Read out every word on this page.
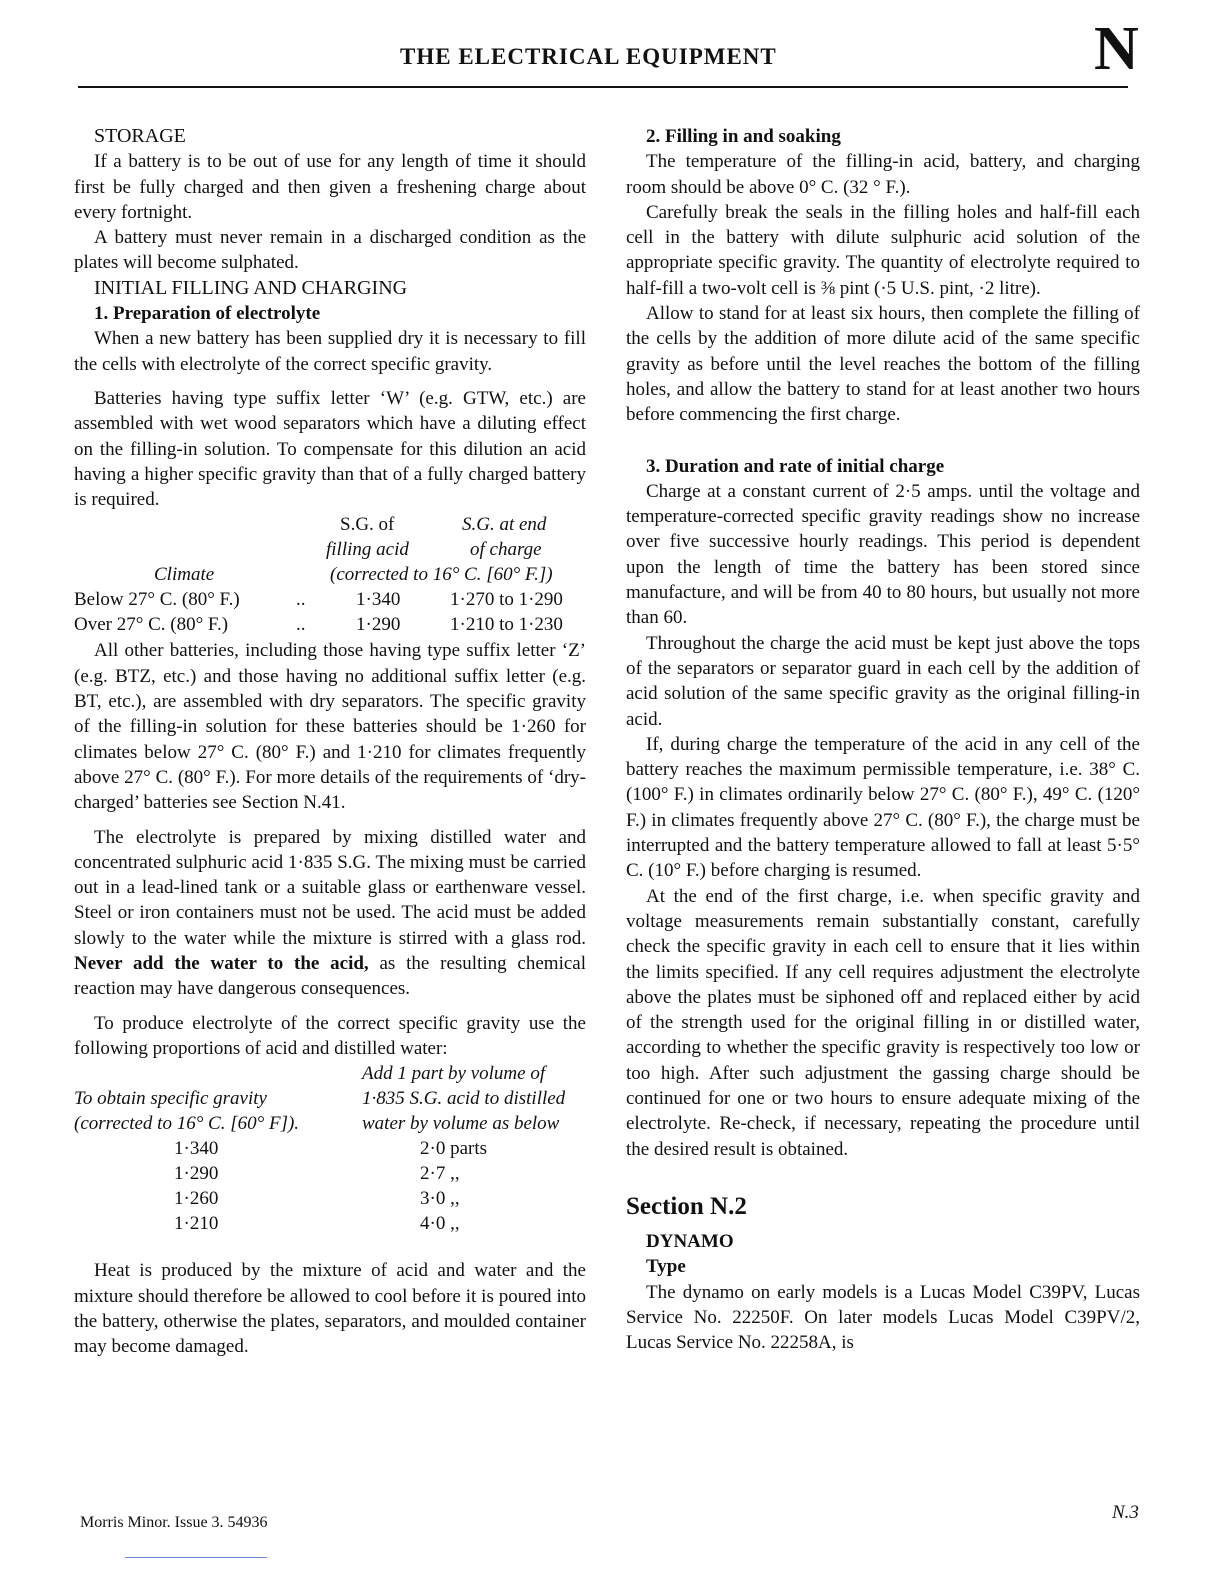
THE ELECTRICAL EQUIPMENT	N

STORAGE

If a battery is to be out of use for any length of time it should first be fully charged and then given a freshening charge about every fortnight.

A battery must never remain in a discharged condition as the plates will become sulphated.

INITIAL FILLING AND CHARGING

1. Preparation of electrolyte

When a new battery has been supplied dry it is necessary to fill the cells with electrolyte of the correct specific gravity.

Batteries having type suffix letter ‘W’ (e.g. GTW, etc.) are assembled with wet wood separators which have a diluting effect on the filling-in solution. To compensate for this dilution an acid having a higher specific gravity than that of a fully charged battery is required.

S.G. of	S.G. at end
filling acid	of charge
Climate	(corrected to 16° C. [60° F.])
Below 27° C. (80° F.)	..	1·340	1·270 to 1·290
Over 27° C. (80° F.)	..	1·290	1·210 to 1·230

All other batteries, including those having type suffix letter ‘Z’ (e.g. BTZ, etc.) and those having no additional suffix letter (e.g. BT, etc.), are assembled with dry separators. The specific gravity of the filling-in solution for these batteries should be 1·260 for climates below 27° C. (80° F.) and 1·210 for climates frequently above 27° C. (80° F.). For more details of the requirements of ‘dry-charged’ batteries see Section N.41.

The electrolyte is prepared by mixing distilled water and concentrated sulphuric acid 1·835 S.G. The mixing must be carried out in a lead-lined tank or a suitable glass or earthenware vessel. Steel or iron containers must not be used. The acid must be added slowly to the water while the mixture is stirred with a glass rod. Never add the water to the acid, as the resulting chemical reaction may have dangerous consequences.

To produce electrolyte of the correct specific gravity use the following proportions of acid and distilled water:

Add 1 part by volume of
To obtain specific gravity	1·835 S.G. acid to distilled
(corrected to 16° C. [60° F]).	water by volume as below
1·340	2·0 parts
1·290	2·7 ,,
1·260	3·0 ,,
1·210	4·0 ,,

Heat is produced by the mixture of acid and water and the mixture should therefore be allowed to cool before it is poured into the battery, otherwise the plates, separators, and moulded container may become damaged.

2. Filling in and soaking

The temperature of the filling-in acid, battery, and charging room should be above 0° C. (32 ° F.).

Carefully break the seals in the filling holes and half-fill each cell in the battery with dilute sulphuric acid solution of the appropriate specific gravity. The quantity of electrolyte required to half-fill a two-volt cell is ⅜ pint (·5 U.S. pint, ·2 litre).

Allow to stand for at least six hours, then complete the filling of the cells by the addition of more dilute acid of the same specific gravity as before until the level reaches the bottom of the filling holes, and allow the battery to stand for at least another two hours before commencing the first charge.

3. Duration and rate of initial charge

Charge at a constant current of 2·5 amps. until the voltage and temperature-corrected specific gravity readings show no increase over five successive hourly readings. This period is dependent upon the length of time the battery has been stored since manufacture, and will be from 40 to 80 hours, but usually not more than 60.

Throughout the charge the acid must be kept just above the tops of the separators or separator guard in each cell by the addition of acid solution of the same specific gravity as the original filling-in acid.

If, during charge the temperature of the acid in any cell of the battery reaches the maximum permissible temperature, i.e. 38° C. (100° F.) in climates ordinarily below 27° C. (80° F.), 49° C. (120° F.) in climates frequently above 27° C. (80° F.), the charge must be interrupted and the battery temperature allowed to fall at least 5·5° C. (10° F.) before charging is resumed.

At the end of the first charge, i.e. when specific gravity and voltage measurements remain substantially constant, carefully check the specific gravity in each cell to ensure that it lies within the limits specified. If any cell requires adjustment the electrolyte above the plates must be siphoned off and replaced either by acid of the strength used for the original filling in or distilled water, according to whether the specific gravity is respectively too low or too high. After such adjustment the gassing charge should be continued for one or two hours to ensure adequate mixing of the electrolyte. Re-check, if necessary, repeating the procedure until the desired result is obtained.

Section N.2

DYNAMO

Type

The dynamo on early models is a Lucas Model C39PV, Lucas Service No. 22250F. On later models Lucas Model C39PV/2, Lucas Service No. 22258A, is

Morris Minor. Issue 3. 54936	N.3
